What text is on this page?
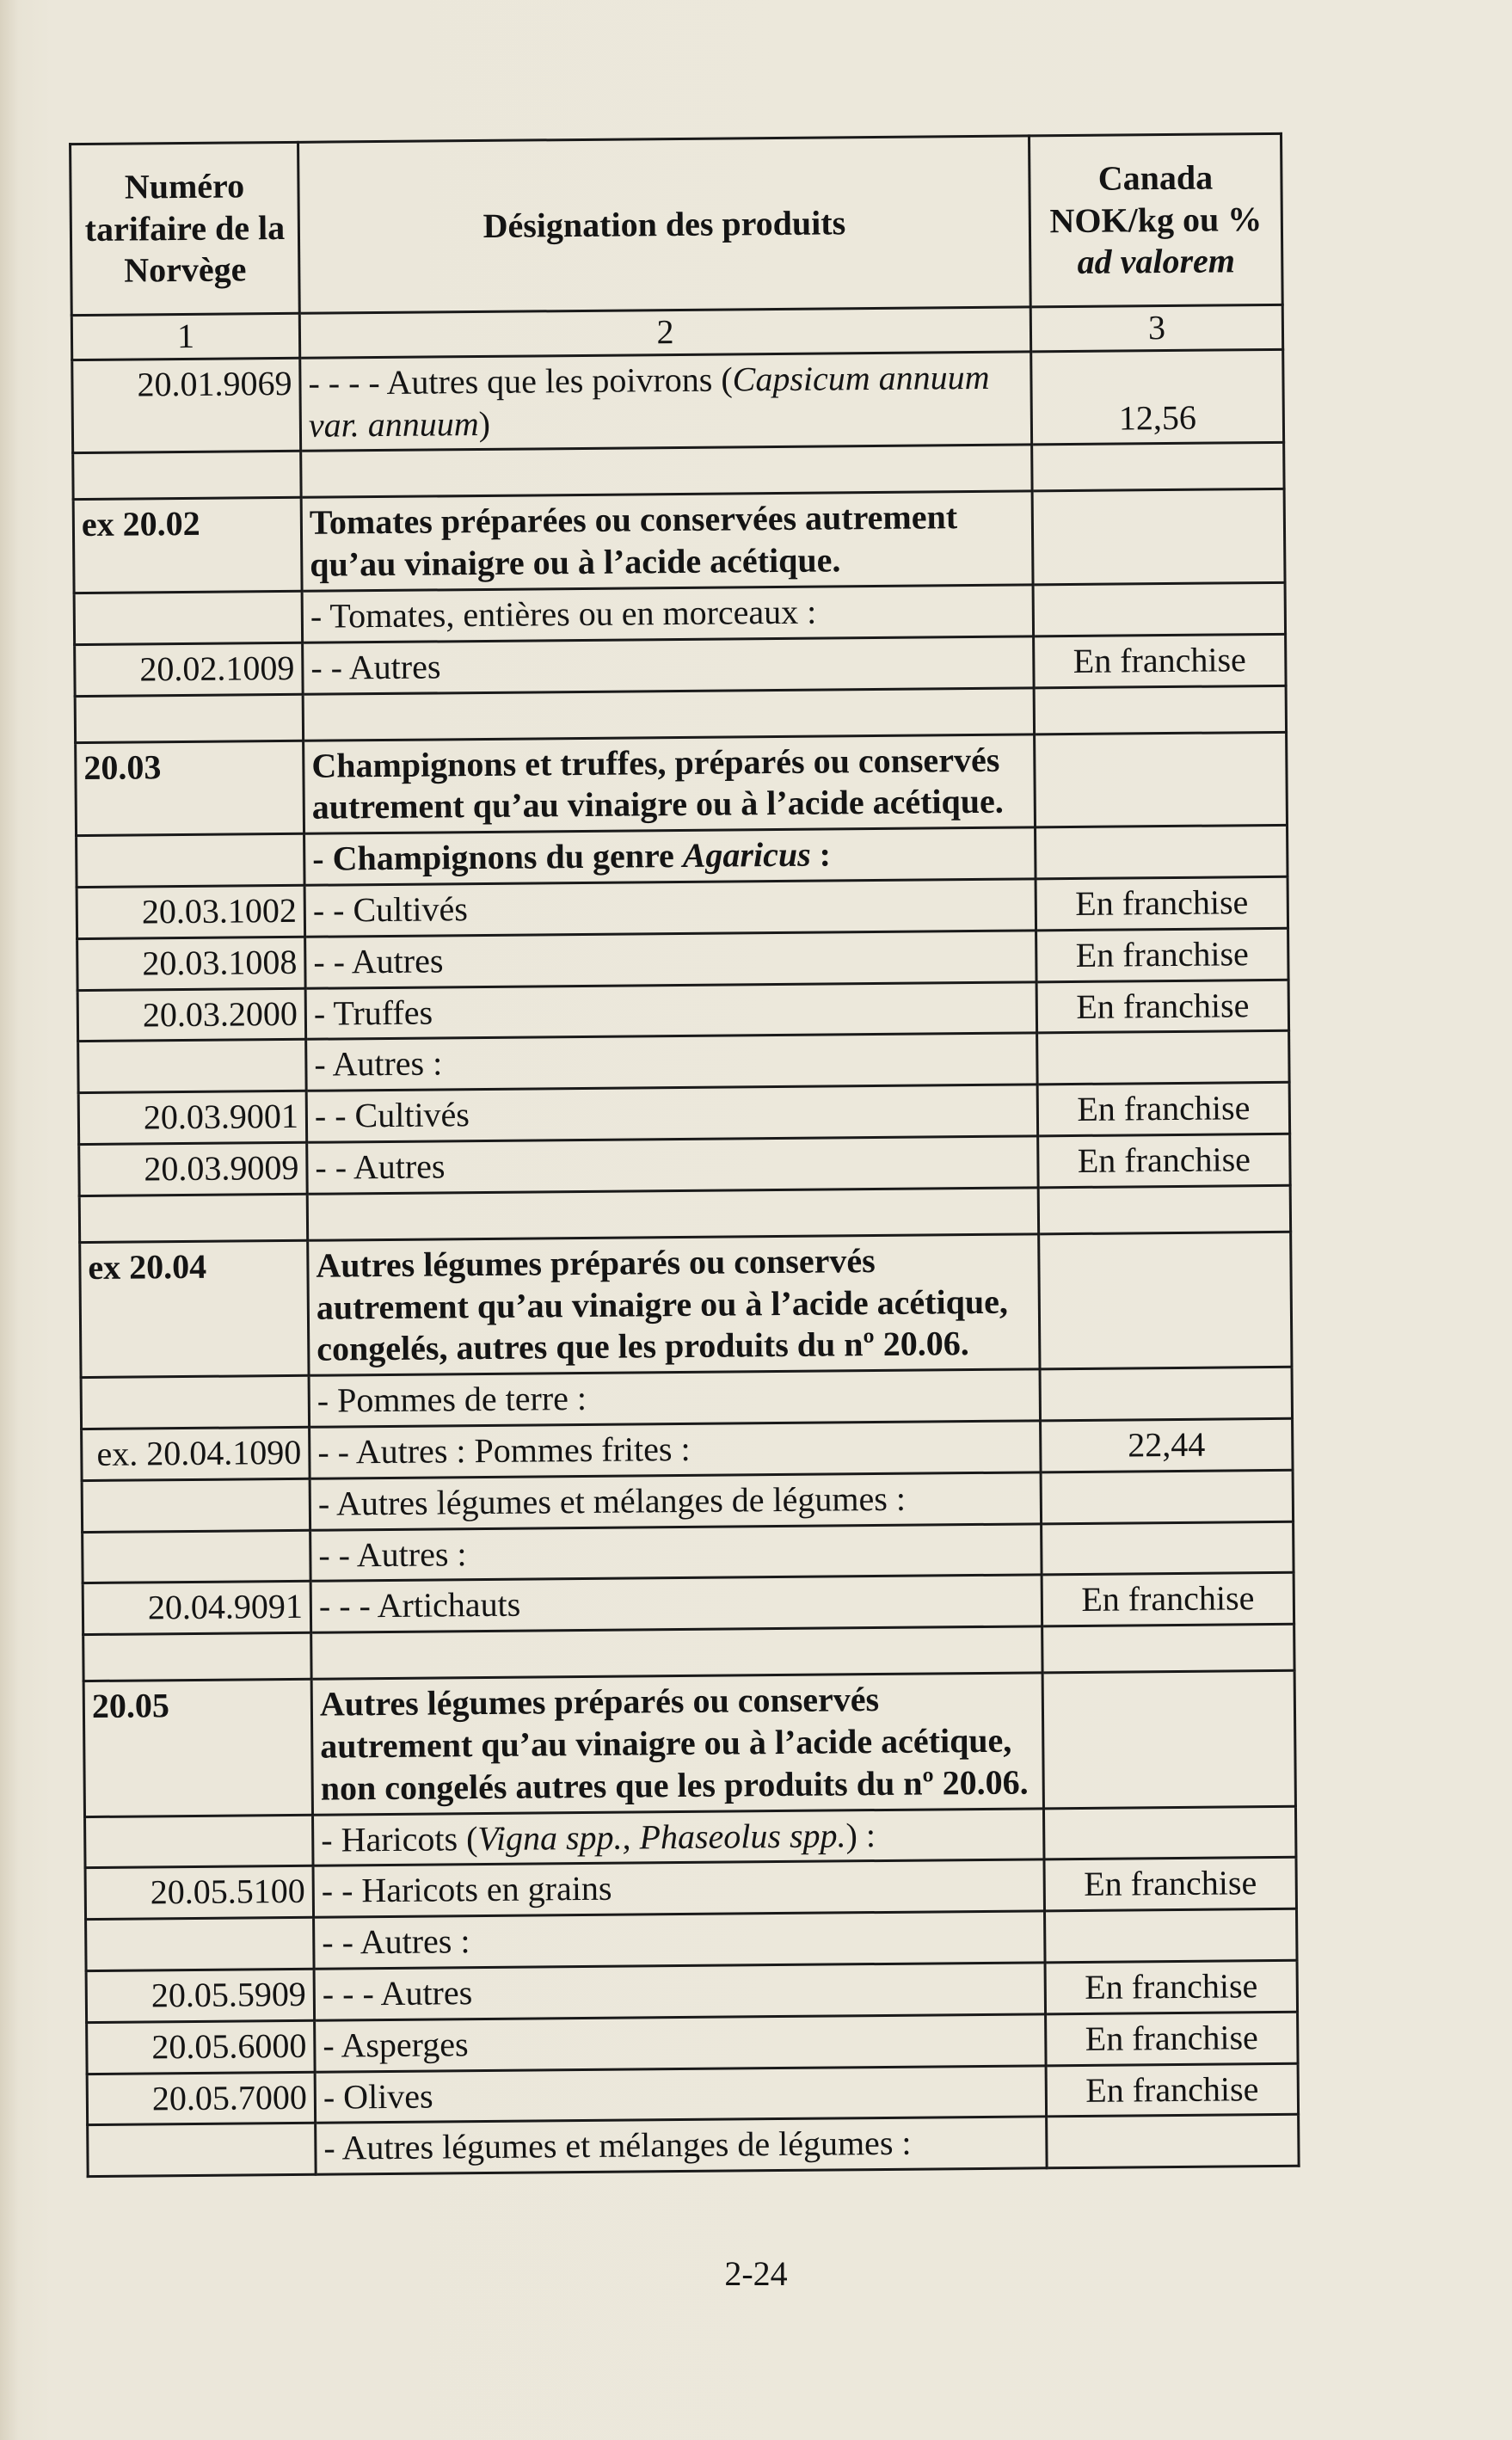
Numéro tarifaire de la Norvège	Désignation des produits	Canada NOK/kg ou %
ad valorem

1	2	3
20.01.9069	- - - - Autres que les poivrons (Capsicum annuum var. annuum)	12,56

ex 20.02	Tomates préparées ou conservées autrement qu’au vinaigre ou à l’acide acétique.	
	- Tomates, entières ou en morceaux :	
20.02.1009	- - Autres	En franchise

20.03	Champignons et truffes, préparés ou conservés autrement qu’au vinaigre ou à l’acide acétique.	
	- Champignons du genre Agaricus :	
20.03.1002	- - Cultivés	En franchise
20.03.1008	- - Autres	En franchise
20.03.2000	- Truffes	En franchise
	- Autres :	
20.03.9001	- - Cultivés	En franchise
20.03.9009	- - Autres	En franchise

ex 20.04	Autres légumes préparés ou conservés autrement qu’au vinaigre ou à l’acide acétique, congelés, autres que les produits du nº 20.06.	
	- Pommes de terre :	
ex. 20.04.1090	- - Autres : Pommes frites :	22,44
	- Autres légumes et mélanges de légumes :	
	- - Autres :	
20.04.9091	- - - Artichauts	En franchise

20.05	Autres légumes préparés ou conservés autrement qu’au vinaigre ou à l’acide acétique, non congelés autres que les produits du nº 20.06.	
	- Haricots (Vigna spp., Phaseolus spp.) :	
20.05.5100	- - Haricots en grains	En franchise
	- - Autres :	
20.05.5909	- - - Autres	En franchise
20.05.6000	- Asperges	En franchise
20.05.7000	- Olives	En franchise
	- Autres légumes et mélanges de légumes :	
2-24
